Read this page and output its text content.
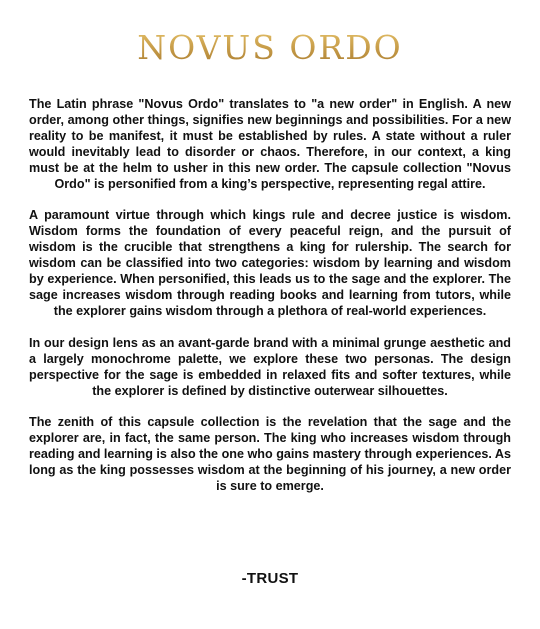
NOVUS ORDO

The Latin phrase "Novus Ordo" translates to "a new order" in English. A new order, among other things, signifies new beginnings and possibilities. For a new reality to be manifest, it must be established by rules. A state without a ruler would inevitably lead to disorder or chaos. Therefore, in our context, a king must be at the helm to usher in this new order. The capsule collection "Novus Ordo" is personified from a king’s perspective, representing regal attire.

A paramount virtue through which kings rule and decree justice is wisdom. Wisdom forms the foundation of every peaceful reign, and the pursuit of wisdom is the crucible that strengthens a king for rulership. The search for wisdom can be classified into two categories: wisdom by learning and wisdom by experience. When personified, this leads us to the sage and the explorer. The sage increases wisdom through reading books and learning from tutors, while the explorer gains wisdom through a plethora of real-world experiences.

In our design lens as an avant-garde brand with a minimal grunge aesthetic and a largely monochrome palette, we explore these two personas. The design perspective for the sage is embedded in relaxed fits and softer textures, while the explorer is defined by distinctive outerwear silhouettes.

The zenith of this capsule collection is the revelation that the sage and the explorer are, in fact, the same person. The king who increases wisdom through reading and learning is also the one who gains mastery through experiences. As long as the king possesses wisdom at the beginning of his journey, a new order is sure to emerge.

-TRUST
